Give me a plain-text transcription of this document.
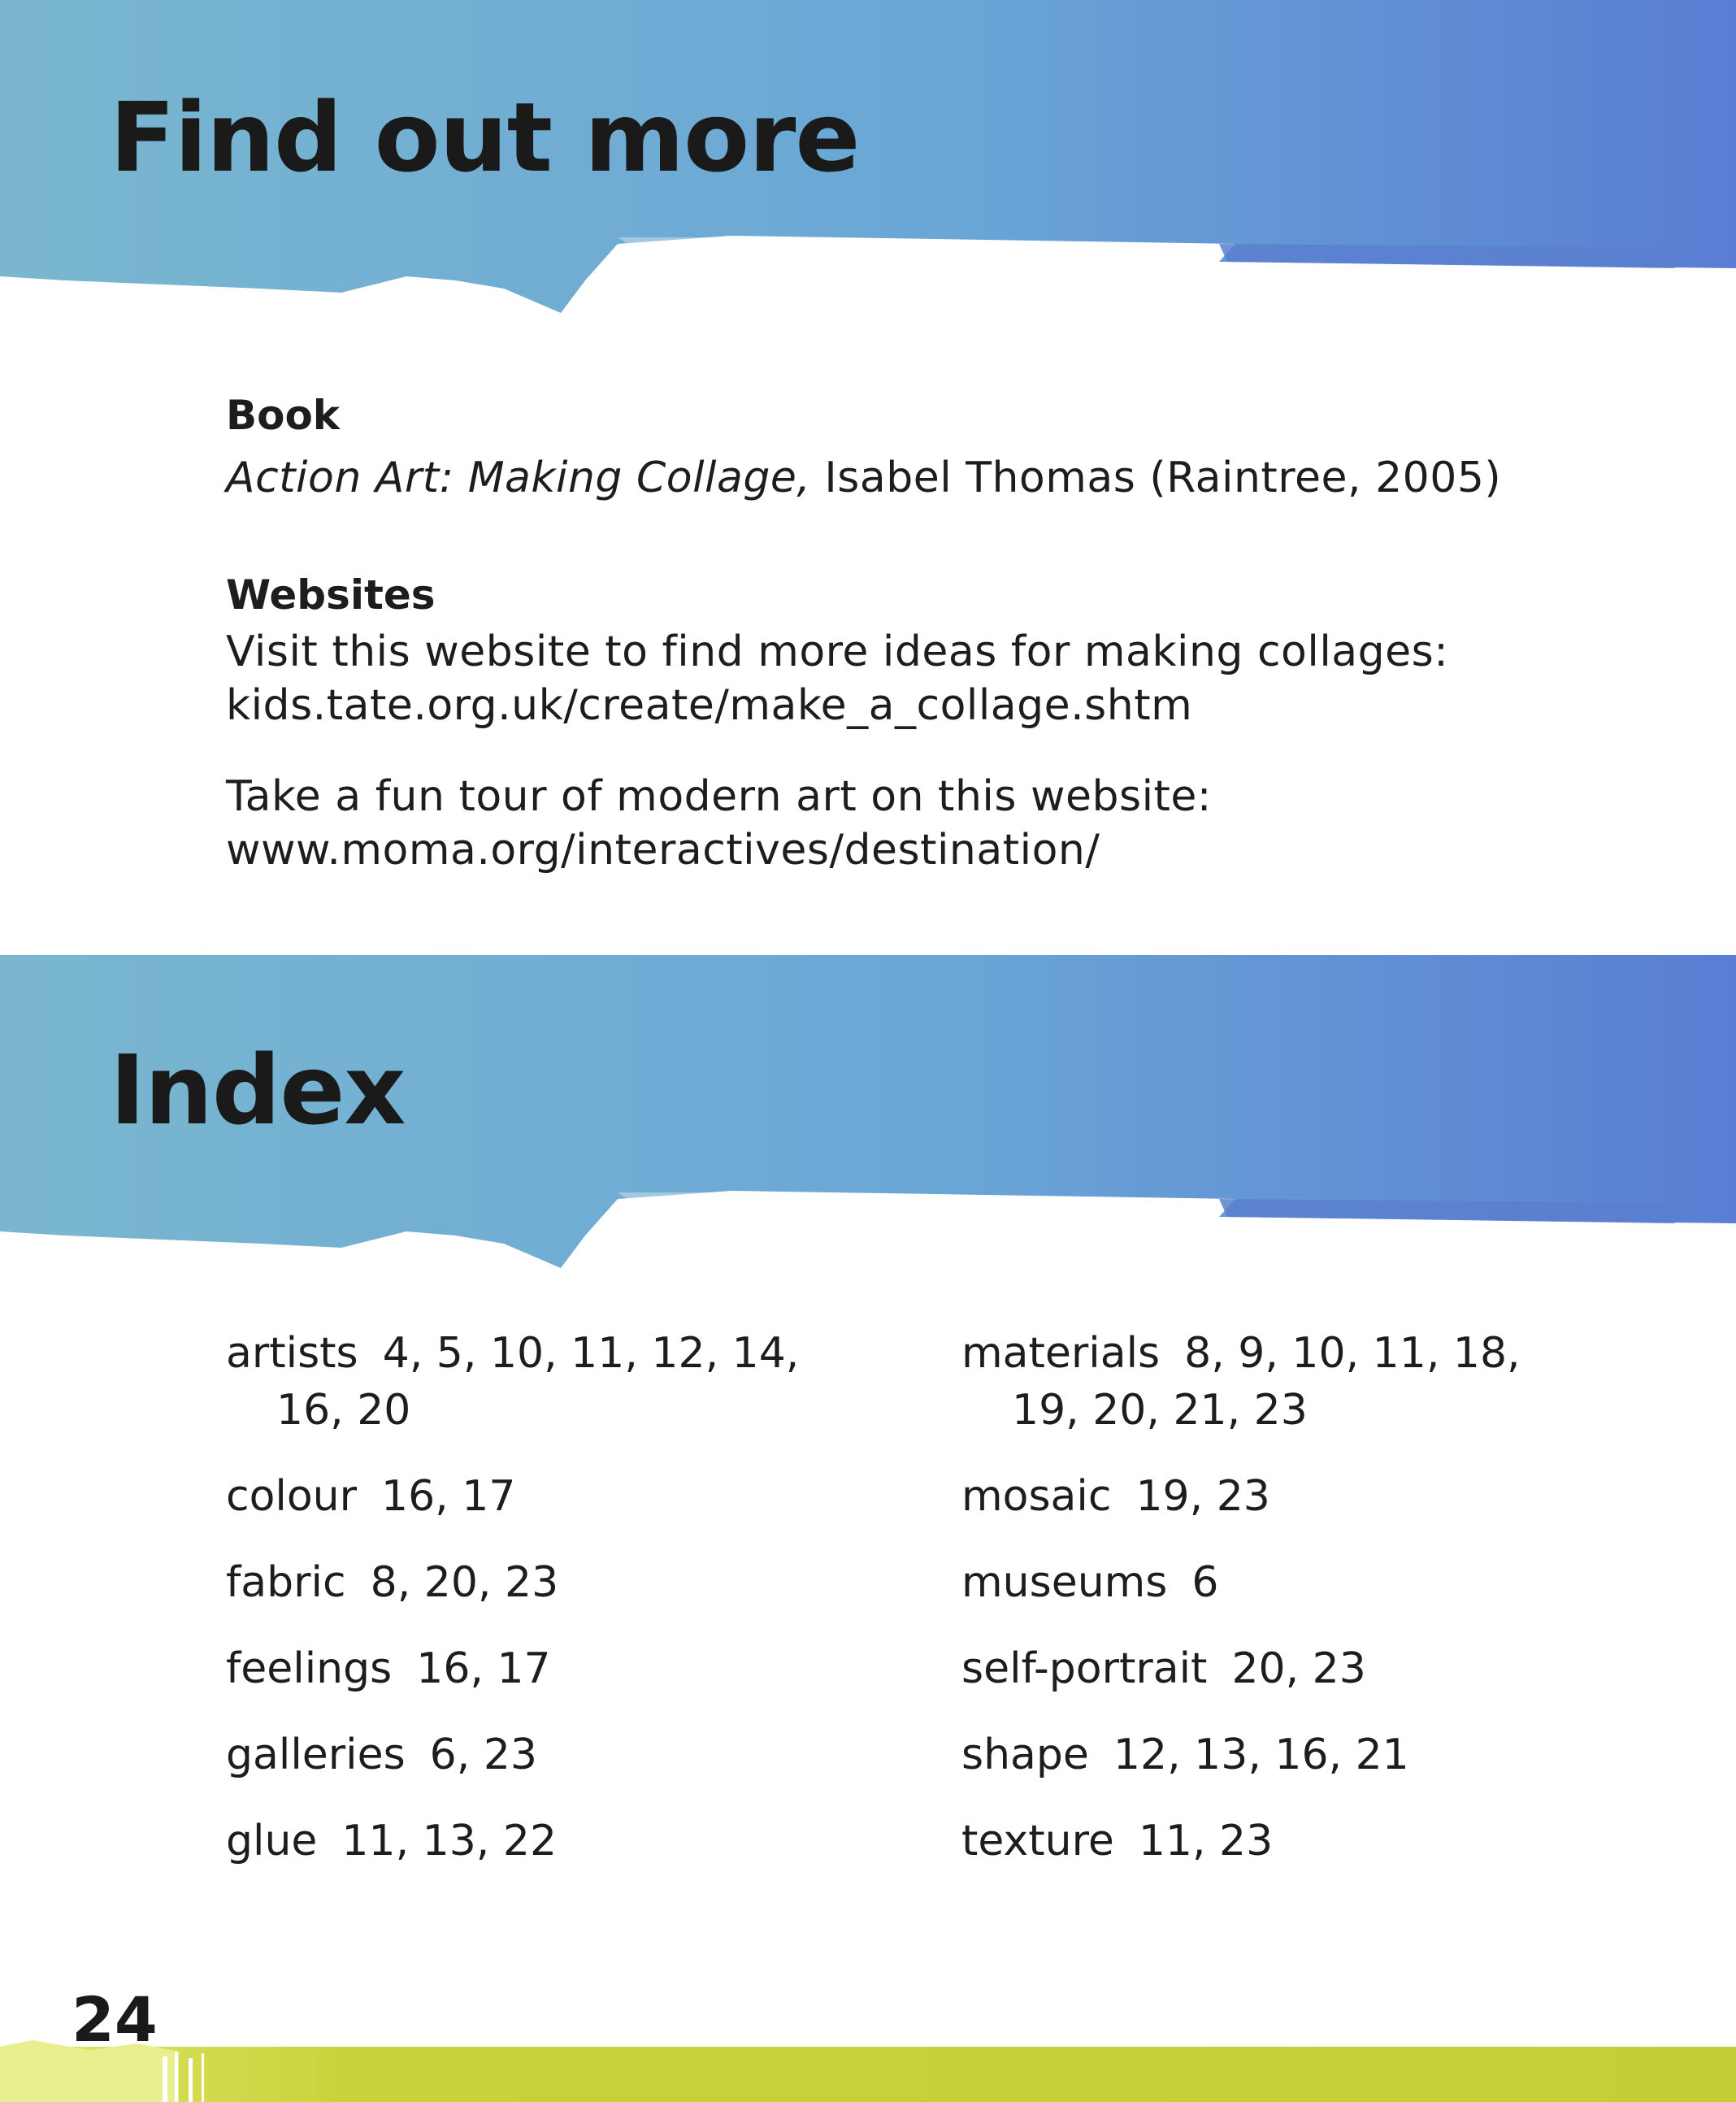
Find out more

Book

Action Art: Making Collage, Isabel Thomas (Raintree, 2005)

Websites

Visit this website to find more ideas for making collages:

kids.tate.org.uk/create/make_a_collage.shtm

Take a fun tour of modern art on this website:

www.moma.org/interactives/destination/

Index

artists 4, 5, 10, 11, 12, 14,
16, 20

colour 16, 17

fabric 8, 20, 23

feelings 16, 17

galleries 6, 23

glue 11, 13, 22

materials 8, 9, 10, 11, 18,
19, 20, 21, 23

mosaic 19, 23

museums 6

self-portrait 20, 23

shape 12, 13, 16, 21

texture 11, 23

24
